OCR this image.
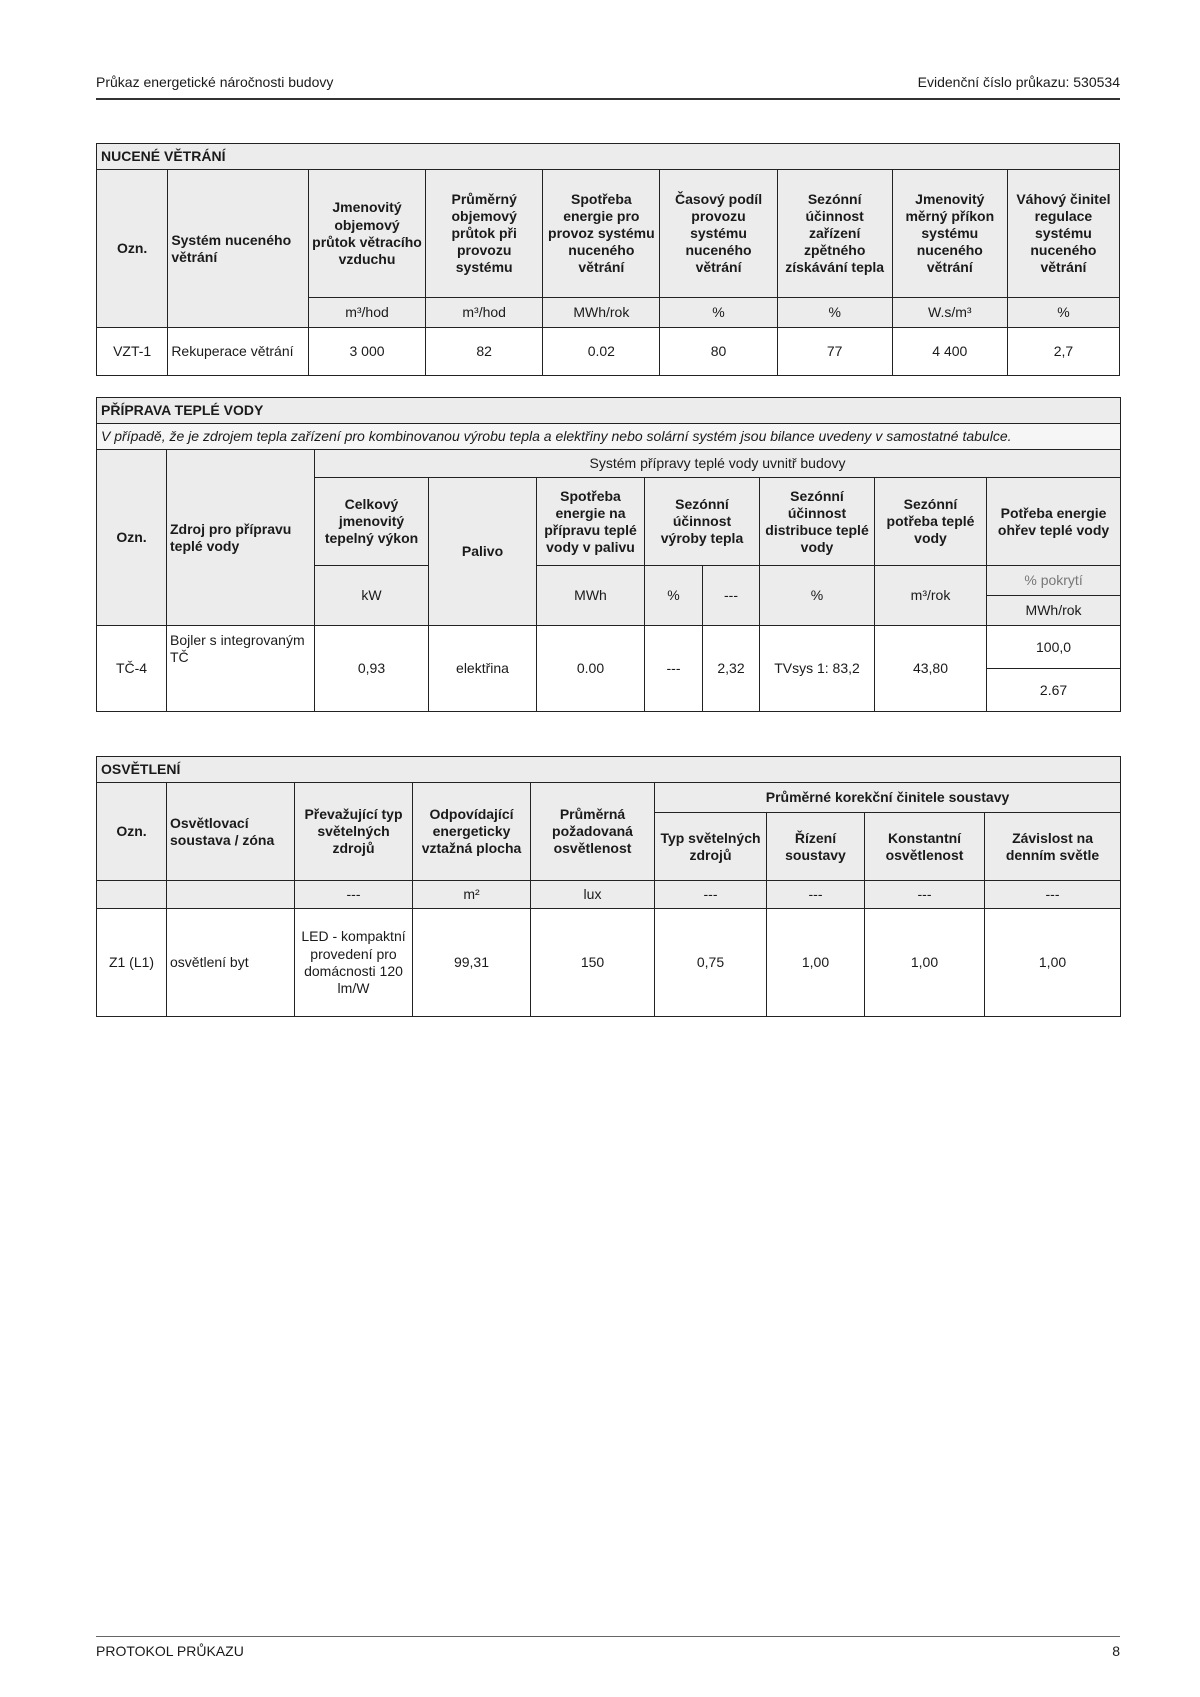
Průkaz energetické náročnosti budovy	Evidenční číslo průkazu: 530534
NUCENÉ VĚTRÁNÍ								
Ozn.	Systém nuceného větrání	Jmenovitý objemový průtok větracího vzduchu	Průměrný objemový průtok při provozu systému	Spotřeba energie pro provoz systému nuceného větrání	Časový podíl provozu systému nuceného větrání	Sezónní účinnost zařízení zpětného získávání tepla	Jmenovitý měrný příkon systému nuceného větrání	Váhový činitel regulace systému nuceného větrání
		m³/hod	m³/hod	MWh/rok	%	%	W.s/m³	%
VZT-1	Rekuperace větrání	3 000	82	0.02	80	77	4 400	2,7
PŘÍPRAVA TEPLÉ VODY									
V případě, že je zdrojem tepla zařízení pro kombinovanou výrobu tepla a elektřiny nebo solární systém jsou bilance uvedeny v samostatné tabulce.									
Ozn.	Zdroj pro přípravu teplé vody	Systém přípravy teplé vody uvnitř budovy							
		Celkový jmenovitý tepelný výkon	Palivo	Spotřeba energie na přípravu teplé vody v palivu	Sezónní účinnost výroby tepla		Sezónní účinnost distribuce teplé vody	Sezónní potřeba teplé vody	Potřeba energie ohřev teplé vody
		kW		MWh	%	---	%	m³/rok	% pokrytí
MWh/rok

TČ-4	Bojler s integrovaným TČ	0,93	elektřina	0.00	---	2,32	TVsys 1: 83,2	43,80	100,0
2.67
OSVĚTLENÍ								
Ozn.	Osvětlovací soustava / zóna	Převažující typ světelných zdrojů	Odpovídající energeticky vztažná plocha	Průměrná požadovaná osvětlenost	Průměrné korekční činitele soustavy			
					Typ světelných zdrojů	Řízení soustavy	Konstantní osvětlenost	Závislost na denním světle
		---	m²	lux	---	---	---	---
Z1 (L1)	osvětlení byt	LED - kompaktní provedení pro domácnosti 120 lm/W	99,31	150	0,75	1,00	1,00	1,00
PROTOKOL PRŮKAZU	8
